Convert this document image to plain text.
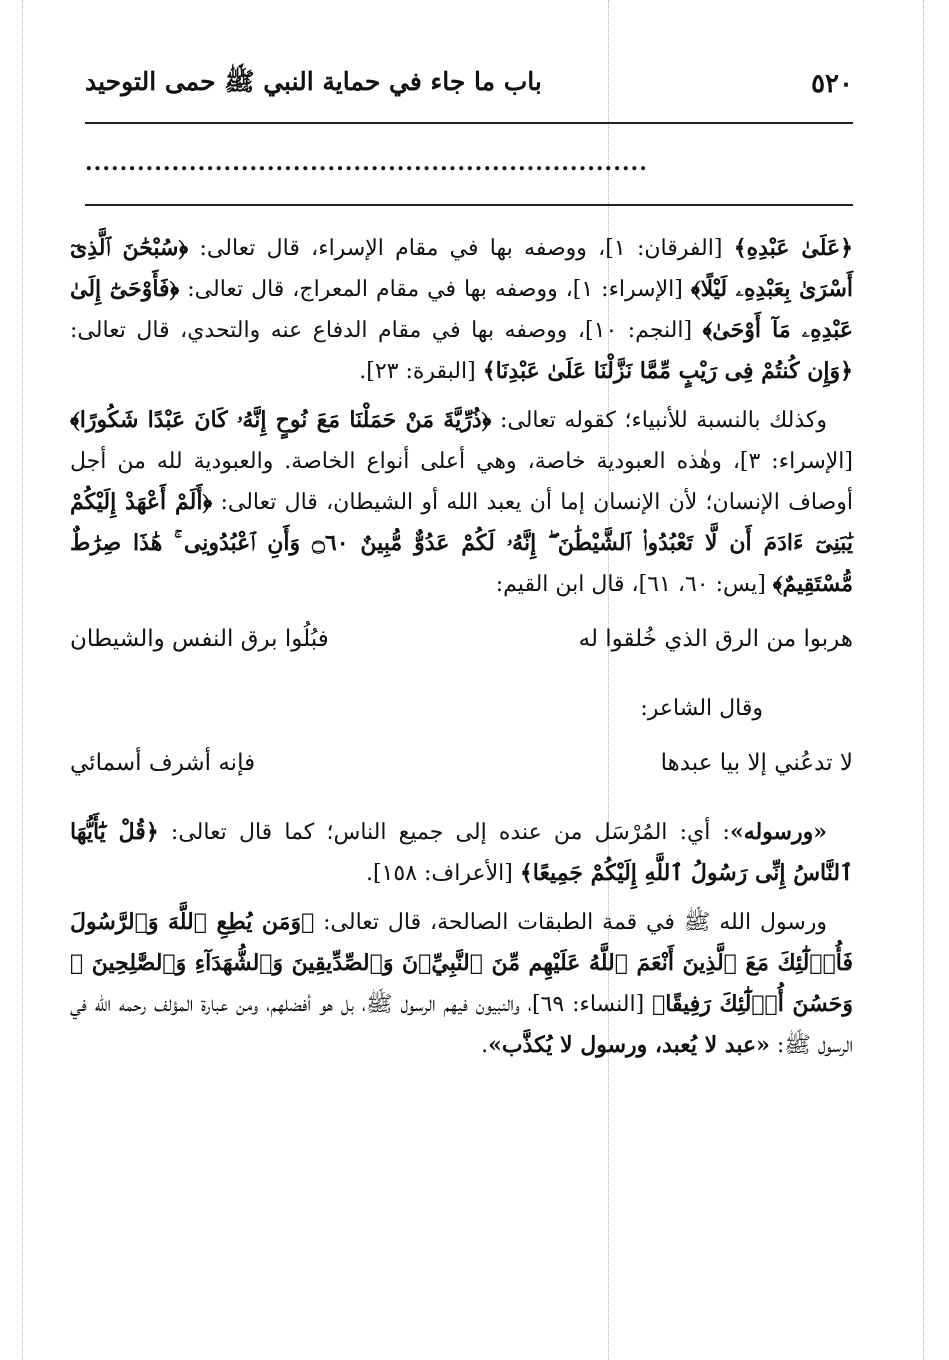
٥٢٠
باب ما جاء في حماية النبي ﷺ حمى التوحيد
.................................................................

﴿عَلَىٰ عَبْدِهِ﴾ [الفرقان: ١]، ووصفه بها في مقام الإسراء، قال تعالى: ﴿سُبْحَٰنَ ٱلَّذِىٓ أَسْرَىٰ بِعَبْدِهِۦ لَيْلًا﴾ [الإسراء: ١]، ووصفه بها في مقام المعراج، قال تعالى: ﴿فَأَوْحَىٰٓ إِلَىٰ عَبْدِهِۦ مَآ أَوْحَىٰ﴾ [النجم: ١٠]، ووصفه بها في مقام الدفاع عنه والتحدي، قال تعالى: ﴿وَإِن كُنتُمْ فِى رَيْبٍ مِّمَّا نَزَّلْنَا عَلَىٰ عَبْدِنَا﴾ [البقرة: ٢٣].

وكذلك بالنسبة للأنبياء؛ كقوله تعالى: ﴿ذُرِّيَّةَ مَنْ حَمَلْنَا مَعَ نُوحٍ إِنَّهُۥ كَانَ عَبْدًا شَكُورًا﴾ [الإسراء: ٣]، وهٰذه العبودية خاصة، وهي أعلى أنواع الخاصة. والعبودية لله من أجل أوصاف الإنسان؛ لأن الإنسان إما أن يعبد الله أو الشيطان، قال تعالى: ﴿أَلَمْ أَعْهَدْ إِلَيْكُمْ يَٰبَنِىٓ ءَادَمَ أَن لَّا تَعْبُدُوا۟ ٱلشَّيْطَٰنَ ۖ إِنَّهُۥ لَكُمْ عَدُوٌّ مُّبِينٌ ۝٦٠ وَأَنِ ٱعْبُدُونِى ۚ هَٰذَا صِرَٰطٌ مُّسْتَقِيمٌ﴾ [يس: ٦٠، ٦١]، قال ابن القيم:

هربوا من الرق الذي خُلقوا له
فبُلُوا برق النفس والشيطان
وقال الشاعر:
لا تدعُني إلا بيا عبدها
فإنه أشرف أسمائي

«ورسوله»: أي: المُرْسَل من عنده إلى جميع الناس؛ كما قال تعالى: ﴿قُلْ يَٰٓأَيُّهَا ٱلنَّاسُ إِنِّى رَسُولُ ٱللَّهِ إِلَيْكُمْ جَمِيعًا﴾ [الأعراف: ١٥٨].

ورسول الله ﷺ في قمة الطبقات الصالحة، قال تعالى: ﴿وَمَن يُطِعِ ٱللَّهَ وَٱلرَّسُولَ فَأُو۟لَٰٓئِكَ مَعَ ٱلَّذِينَ أَنْعَمَ ٱللَّهُ عَلَيْهِم مِّنَ ٱلنَّبِيِّۦنَ وَٱلصِّدِّيقِينَ وَٱلشُّهَدَآءِ وَٱلصَّٰلِحِينَ ۚ وَحَسُنَ أُو۟لَٰٓئِكَ رَفِيقًا﴾ [النساء: ٦٩]، والنبيون فيهم الرسول ﷺ، بل هو أفضلهم، ومن عبارة المؤلف رحمه الله في الرسول ﷺ: «عبد لا يُعبد، ورسول لا يُكذَّب».
